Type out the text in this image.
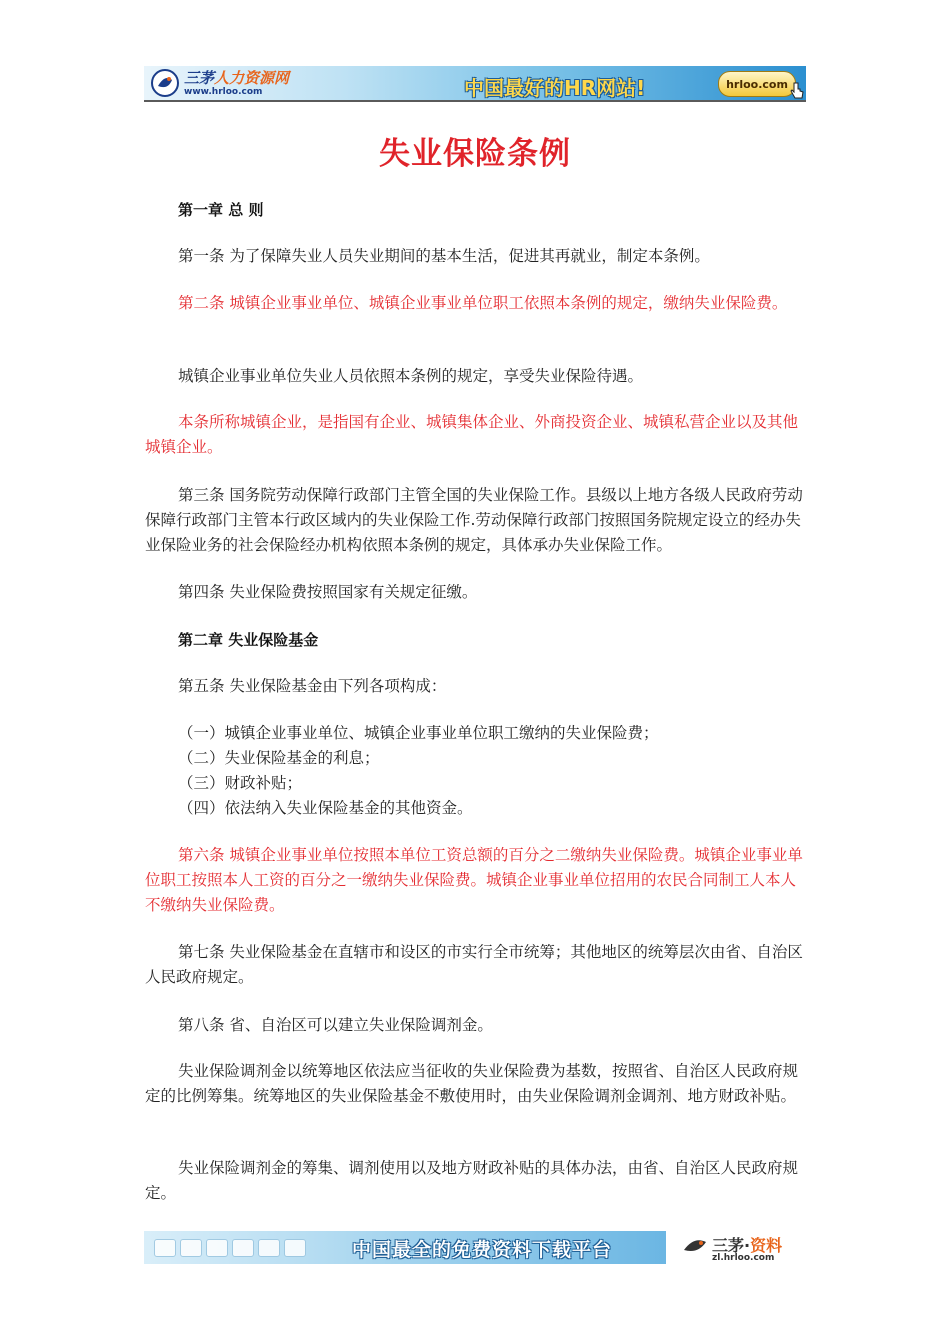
三茅人力资源网
www.hrloo.com	中国最好的HR网站!	hrloo.com
失业保险条例

第一章 总 则

第一条 为了保障失业人员失业期间的基本生活，促进其再就业，制定本条例。

第二条 城镇企业事业单位、城镇企业事业单位职工依照本条例的规定，缴纳失业保险费。

城镇企业事业单位失业人员依照本条例的规定，享受失业保险待遇。

本条所称城镇企业，是指国有企业、城镇集体企业、外商投资企业、城镇私营企业以及其他城镇企业。

第三条 国务院劳动保障行政部门主管全国的失业保险工作。县级以上地方各级人民政府劳动保障行政部门主管本行政区域内的失业保险工作.劳动保障行政部门按照国务院规定设立的经办失业保险业务的社会保险经办机构依照本条例的规定，具体承办失业保险工作。

第四条 失业保险费按照国家有关规定征缴。

第二章 失业保险基金

第五条 失业保险基金由下列各项构成：

（一）城镇企业事业单位、城镇企业事业单位职工缴纳的失业保险费；
（二）失业保险基金的利息；
（三）财政补贴；
（四）依法纳入失业保险基金的其他资金。

第六条 城镇企业事业单位按照本单位工资总额的百分之二缴纳失业保险费。城镇企业事业单位职工按照本人工资的百分之一缴纳失业保险费。城镇企业事业单位招用的农民合同制工人本人不缴纳失业保险费。

第七条 失业保险基金在直辖市和设区的市实行全市统筹；其他地区的统筹层次由省、自治区人民政府规定。

第八条 省、自治区可以建立失业保险调剂金。

失业保险调剂金以统筹地区依法应当征收的失业保险费为基数，按照省、自治区人民政府规定的比例筹集。统筹地区的失业保险基金不敷使用时，由失业保险调剂金调剂、地方财政补贴。

失业保险调剂金的筹集、调剂使用以及地方财政补贴的具体办法，由省、自治区人民政府规定。

中国最全的免费资料下载平台	三茅·资料
zl.hrloo.com
